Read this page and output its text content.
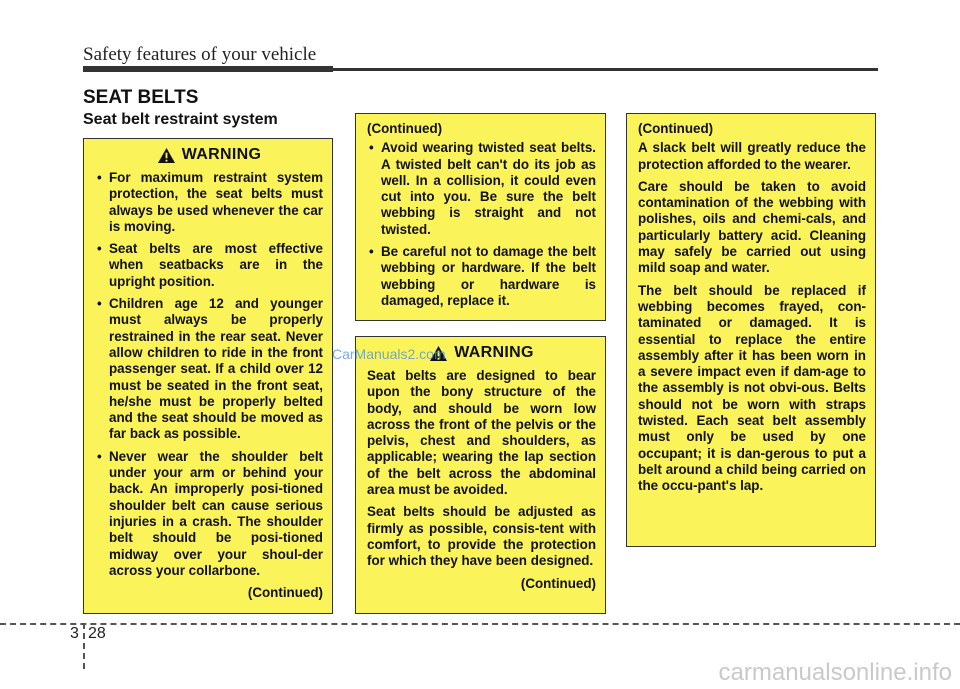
Safety features of your vehicle
SEAT BELTS
Seat belt restraint system
WARNING
• For maximum restraint system protection, the seat belts must always be used whenever the car is moving.
• Seat belts are most effective when seatbacks are in the upright position.
• Children age 12 and younger must always be properly restrained in the rear seat. Never allow children to ride in the front passenger seat. If a child over 12 must be seated in the front seat, he/she must be properly belted and the seat should be moved as far back as possible.
• Never wear the shoulder belt under your arm or behind your back. An improperly posi-tioned shoulder belt can cause serious injuries in a crash. The shoulder belt should be posi-tioned midway over your shoul-der across your collarbone.

(Continued)

(Continued)

• Avoid wearing twisted seat belts. A twisted belt can't do its job as well. In a collision, it could even cut into you. Be sure the belt webbing is straight and not twisted.
• Be careful not to damage the belt webbing or hardware. If the belt webbing or hardware is damaged, replace it.
WARNING

Seat belts are designed to bear upon the bony structure of the body, and should be worn low across the front of the pelvis or the pelvis, chest and shoulders, as applicable; wearing the lap section of the belt across the abdominal area must be avoided.

Seat belts should be adjusted as firmly as possible, consis-tent with comfort, to provide the protection for which they have been designed.

(Continued)

(Continued)

A slack belt will greatly reduce the protection afforded to the wearer.

Care should be taken to avoid contamination of the webbing with polishes, oils and chemi-cals, and particularly battery acid. Cleaning may safely be carried out using mild soap and water.

The belt should be replaced if webbing becomes frayed, con-taminated or damaged. It is essential to replace the entire assembly after it has been worn in a severe impact even if dam-age to the assembly is not obvi-ous. Belts should not be worn with straps twisted. Each seat belt assembly must only be used by one occupant; it is dan-gerous to put a belt around a child being carried on the occu-pant's lap.

CarManuals2.com
3 28
carmanualsonline.info
